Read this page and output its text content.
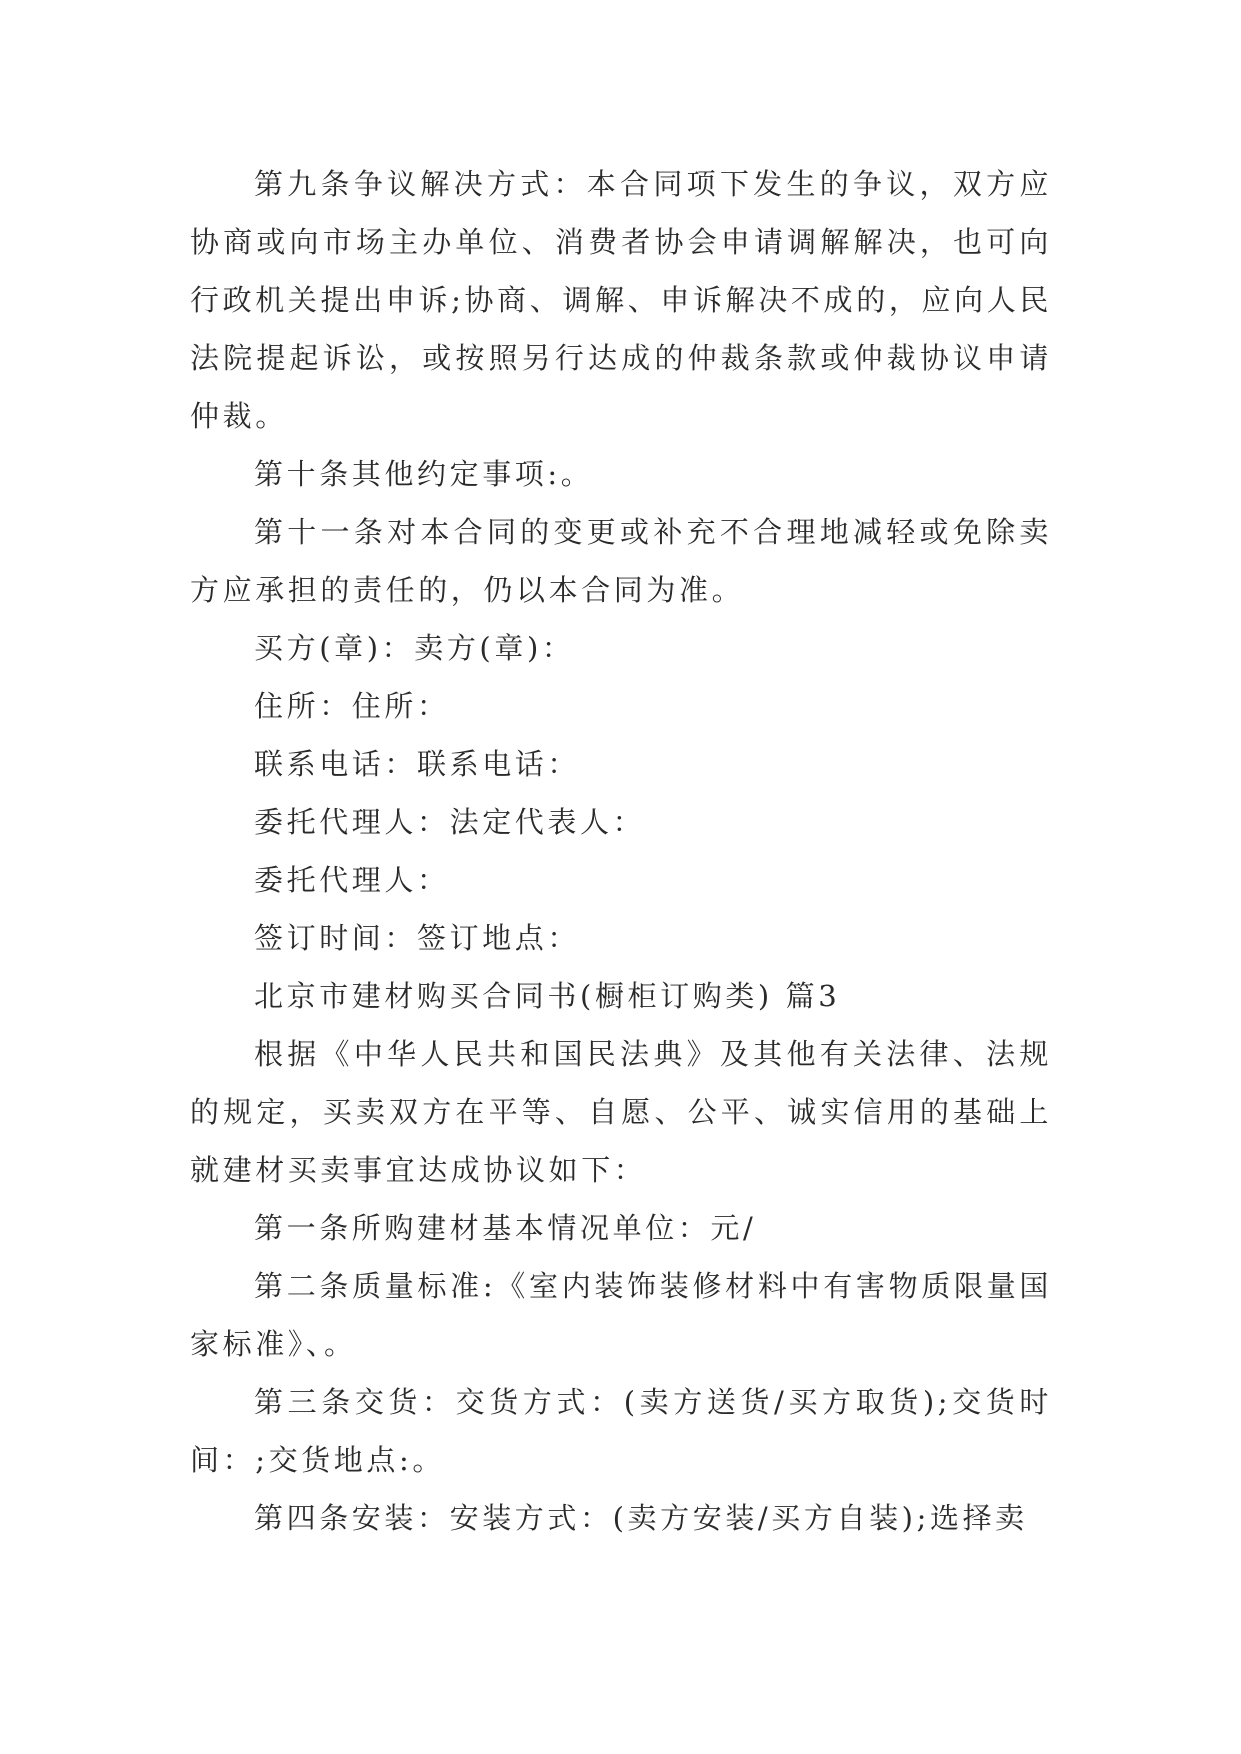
第九条争议解决方式：本合同项下发生的争议，双方应协商或向市场主办单位、消费者协会申请调解解决，也可向行政机关提出申诉;协商、调解、申诉解决不成的，应向人民法院提起诉讼，或按照另行达成的仲裁条款或仲裁协议申请仲裁。

第十条其他约定事项:。

第十一条对本合同的变更或补充不合理地减轻或免除卖方应承担的责任的，仍以本合同为准。

买方(章)：卖方(章)：

住所：住所：

联系电话：联系电话：

委托代理人：法定代表人：

委托代理人：

签订时间：签订地点：

北京市建材购买合同书(橱柜订购类) 篇3

根据《中华人民共和国民法典》及其他有关法律、法规的规定，买卖双方在平等、自愿、公平、诚实信用的基础上就建材买卖事宜达成协议如下：

第一条所购建材基本情况单位：元/

第二条质量标准:《室内装饰装修材料中有害物质限量国家标准》、。

第三条交货：交货方式：(卖方送货/买方取货);交货时间：;交货地点:。

第四条安装：安装方式：(卖方安装/买方自装);选择卖
